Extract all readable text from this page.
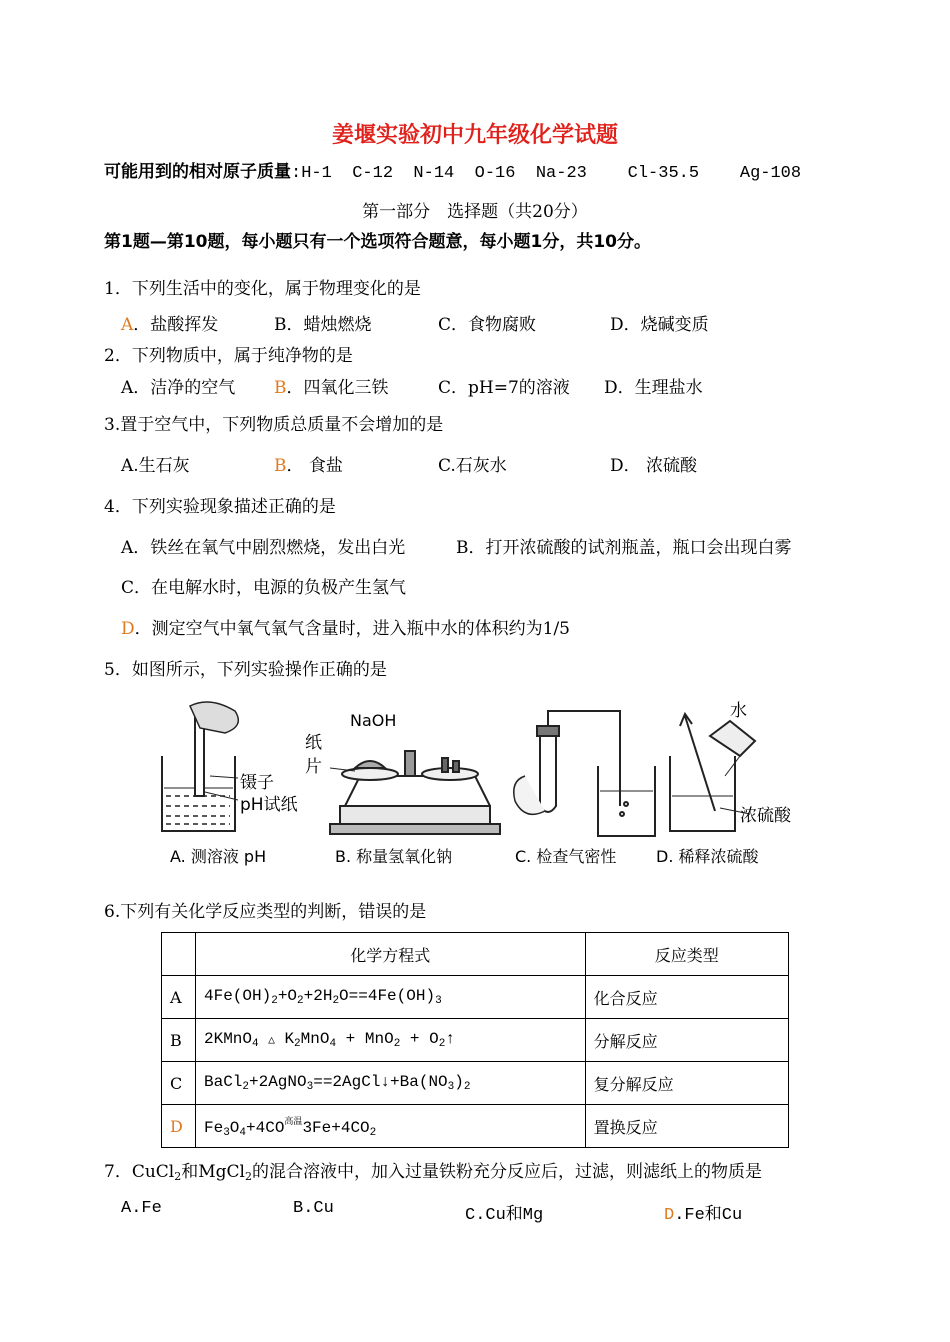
姜堰实验初中九年级化学试题
可能用到的相对原子质量:H-1  C-12  N-14  O-16  Na-23    Cl-35.5    Ag-108
第一部分　选择题（共20分）
第1题—第10题，每小题只有一个选项符合题意，每小题1分，共10分。
1．下列生活中的变化，属于物理变化的是
A．盐酸挥发	B．蜡烛燃烧	C．食物腐败	D．烧碱变质
2．下列物质中，属于纯净物的是
A．洁净的空气 B．四氧化三铁	C．pH=7的溶液 D．生理盐水
3.置于空气中，下列物质总质量不会增加的是
A.生石灰	B． 食盐	C.石灰水	D． 浓硫酸
4．下列实验现象描述正确的是
A．铁丝在氧气中剧烈燃烧，发出白光	B．打开浓硫酸的试剂瓶盖，瓶口会出现白雾
C．在电解水时，电源的负极产生氢气
D．测定空气中氧气氧气含量时，进入瓶中水的体积约为1/5
5．如图所示，下列实验操作正确的是
镊子
pH试纸
NaOH
纸
片
水
浓硫酸
A. 测溶液 pH	B. 称量氢氧化钠	C. 检查气密性 D. 稀释浓硫酸
6.下列有关化学反应类型的判断，错误的是
	化学方程式	反应类型
A	$4Fe(OH)_2+O_2+2H_2O==4Fe(OH)_3$	化合反应
B	2KMnO$_4$ △ $K_2MnO_4 + MnO_2$ + $O_2↑$	分解反应
C	$BaCl_2+2AgNO_3==2AgCl↓+Ba(NO_3)_2$	复分解反应
D	$Fe_3O_4+4CO^{高温}3Fe+4CO_2$	置换反应
7．CuCl$_2$和MgCl$_2$的混合溶液中，加入过量铁粉充分反应后，过滤，则滤纸上的物质是
A.Fe	B.Cu	C.Cu和Mg	D.Fe和Cu
